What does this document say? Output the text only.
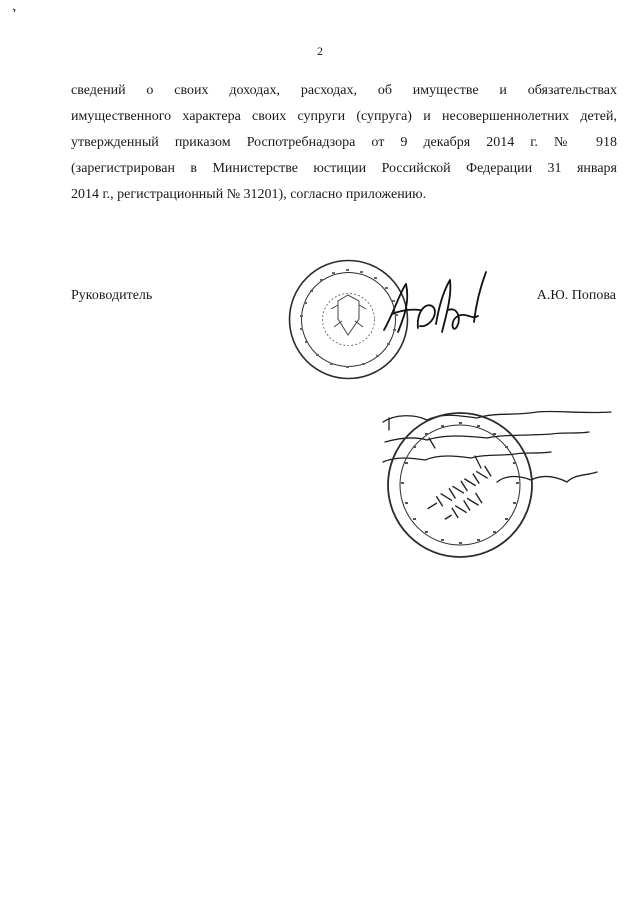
2
сведений о своих доходах, расходах, об имуществе и обязательствах
имущественного характера своих супруги (супруга) и несовершеннолетних детей,
утвержденный приказом Роспотребнадзора от 9 декабря 2014 г. № 918
(зарегистрирован в Министерстве юстиции Российской Федерации 31 января
2014 г., регистрационный № 31201), согласно приложению.
Руководитель	А.Ю. Попова
